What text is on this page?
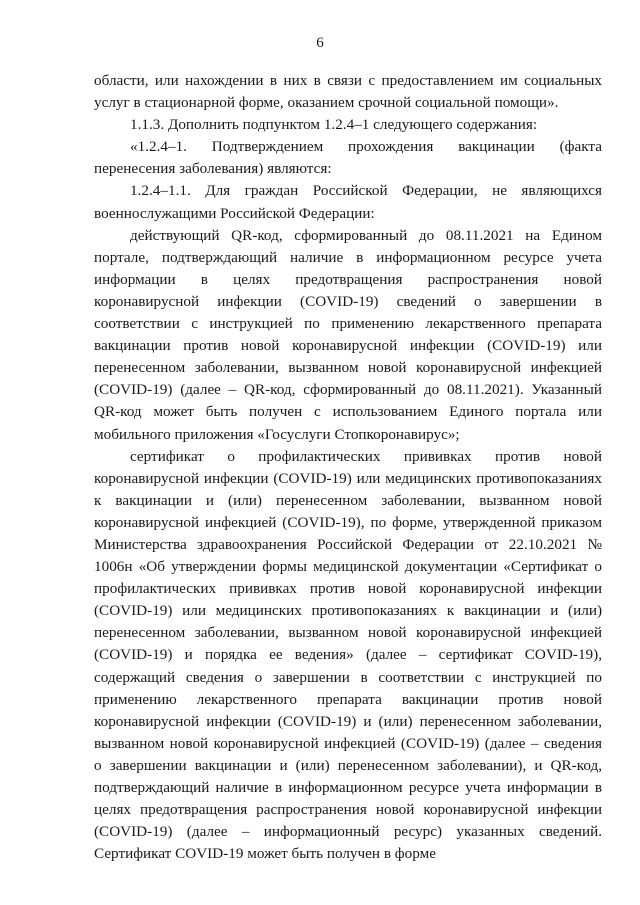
6

области, или нахождении в них в связи с предоставлением им социальных услуг в стационарной форме, оказанием срочной социальной помощи».

1.1.3. Дополнить подпунктом 1.2.4–1 следующего содержания:

«1.2.4–1. Подтверждением прохождения вакцинации (факта перенесения заболевания) являются:

1.2.4–1.1. Для граждан Российской Федерации, не являющихся военнослужащими Российской Федерации:

действующий QR-код, сформированный до 08.11.2021 на Едином портале, подтверждающий наличие в информационном ресурсе учета информации в целях предотвращения распространения новой коронавирусной инфекции (COVID-19) сведений о завершении в соответствии с инструкцией по применению лекарственного препарата вакцинации против новой коронавирусной инфекции (COVID-19) или перенесенном заболевании, вызванном новой коронавирусной инфекцией (COVID-19) (далее – QR-код, сформированный до 08.11.2021). Указанный QR-код может быть получен с использованием Единого портала или мобильного приложения «Госуслуги Стопкоронавирус»;

сертификат о профилактических прививках против новой коронавирусной инфекции (COVID-19) или медицинских противопоказаниях к вакцинации и (или) перенесенном заболевании, вызванном новой коронавирусной инфекцией (COVID-19), по форме, утвержденной приказом Министерства здравоохранения Российской Федерации от 22.10.2021 № 1006н «Об утверждении формы медицинской документации «Сертификат о профилактических прививках против новой коронавирусной инфекции (COVID-19) или медицинских противопоказаниях к вакцинации и (или) перенесенном заболевании, вызванном новой коронавирусной инфекцией (COVID-19) и порядка ее ведения» (далее – сертификат COVID-19), содержащий сведения о завершении в соответствии с инструкцией по применению лекарственного препарата вакцинации против новой коронавирусной инфекции (COVID-19) и (или) перенесенном заболевании, вызванном новой коронавирусной инфекцией (COVID-19) (далее – сведения о завершении вакцинации и (или) перенесенном заболевании), и QR-код, подтверждающий наличие в информационном ресурсе учета информации в целях предотвращения распространения новой коронавирусной инфекции (COVID-19) (далее – информационный ресурс) указанных сведений. Сертификат COVID-19 может быть получен в форме
